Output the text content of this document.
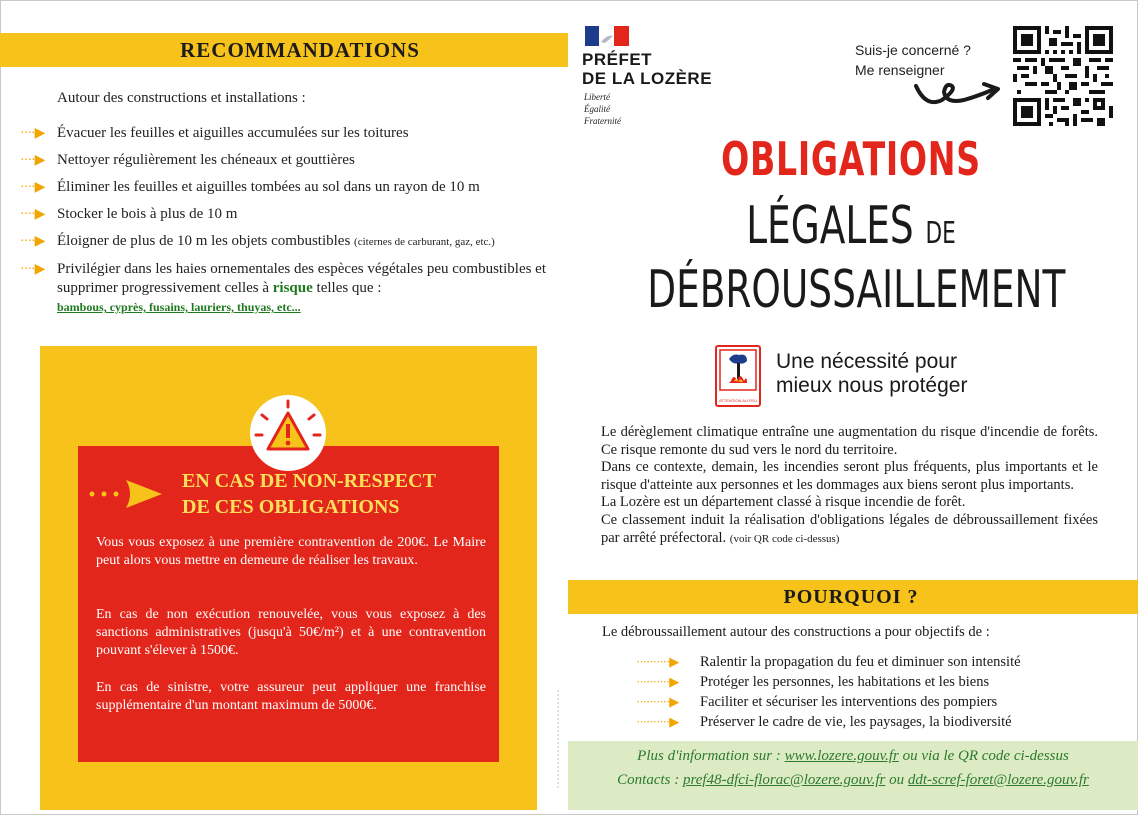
RECOMMANDATIONS
Autour des constructions et installations :
····▶ Évacuer les feuilles et aiguilles accumulées sur les toitures
····▶ Nettoyer régulièrement les chéneaux et gouttières
····▶ Éliminer les feuilles et aiguilles tombées au sol dans un rayon de 10 m
····▶ Stocker le bois à plus de 10 m
····▶ Éloigner de plus de 10 m les objets combustibles (citernes de carburant, gaz, etc.)
····▶ Privilégier dans les haies ornementales des espèces végétales peu combustibles et supprimer progressivement celles à risque telles que :
bambous, cyprès, fusains, lauriers, thuyas, etc...
EN CAS DE NON-RESPECT
DE CES OBLIGATIONS
Vous vous exposez à une première contravention de 200€. Le Maire peut alors vous mettre en demeure de réaliser les travaux.
En cas de non exécution renouvelée, vous vous exposez à des sanctions administratives (jusqu'à 50€/m²) et à une contravention pouvant s'élever à 1500€.
En cas de sinistre, votre assureur peut appliquer une franchise supplémentaire d'un montant maximum de 5000€.
PRÉFET
DE LA LOZÈRE
Liberté
Égalité
Fraternité
Suis-je concerné ?
Me renseigner
OBLIGATIONS
LÉGALES DE
DÉBROUSSAILLEMENT
ATTENTION AU FEU
Une nécessité pour
mieux nous protéger

Le dérèglement climatique entraîne une augmentation du risque d'incendie de forêts. Ce risque remonte du sud vers le nord du territoire.

Dans ce contexte, demain, les incendies seront plus fréquents, plus importants et le risque d'atteinte aux personnes et les dommages aux biens seront plus importants.

La Lozère est un département classé à risque incendie de forêt.

Ce classement induit la réalisation d'obligations légales de débroussaillement fixées par arrêté préfectoral. (voir QR code ci-dessus)

POURQUOI ?
Le débroussaillement autour des constructions a pour objectifs de :
··········▶ Ralentir la propagation du feu et diminuer son intensité
··········▶ Protéger les personnes, les habitations et les biens
··········▶ Faciliter et sécuriser les interventions des pompiers
··········▶ Préserver le cadre de vie, les paysages, la biodiversité
Plus d'information sur : www.lozere.gouv.fr ou via le QR code ci-dessus
Contacts : pref48-dfci-florac@lozere.gouv.fr ou ddt-scref-foret@lozere.gouv.fr
